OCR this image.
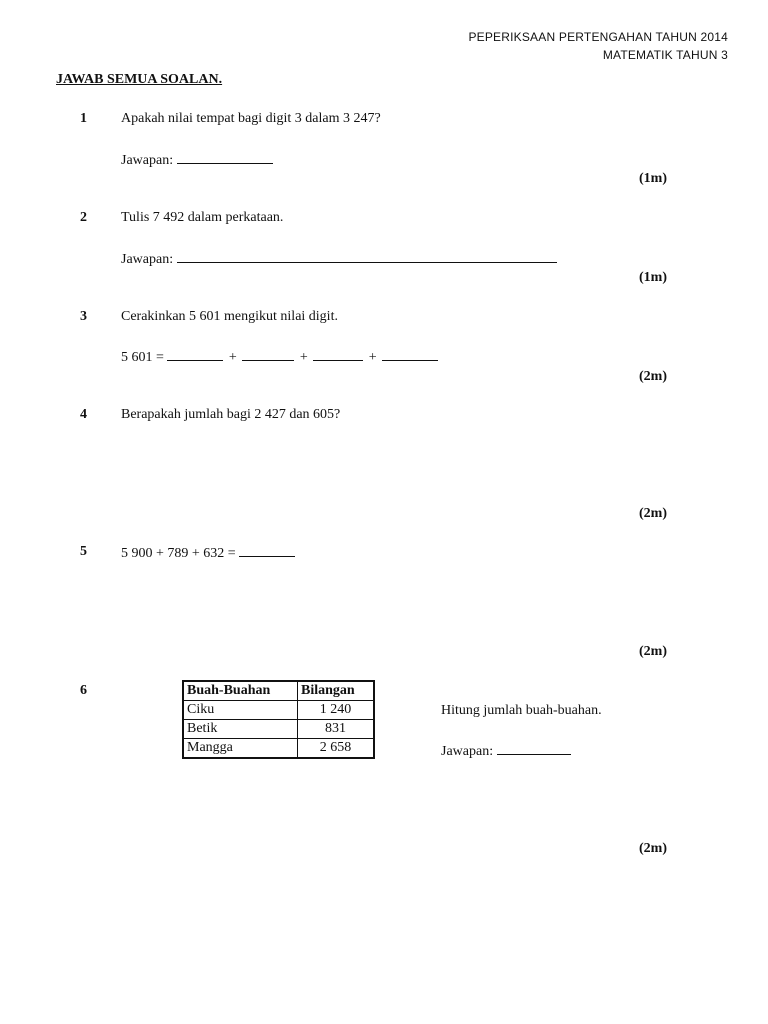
PEPERIKSAAN PERTENGAHAN TAHUN 2014
MATEMATIK TAHUN 3
JAWAB SEMUA SOALAN.
1 Apakah nilai tempat bagi digit 3 dalam 3 247?
Jawapan:
(1m)
2 Tulis 7 492 dalam perkataan.
Jawapan:
(1m)
3 Cerakinkan 5 601 mengikut nilai digit.
5 601 =	+	+	+
(2m)
4 Berapakah jumlah bagi 2 427 dan 605?
(2m)
5 5 900 + 789 + 632 =
(2m)
6	Buah-Buahan	Bilangan
Ciku	1 240
Betik	831
Mangga	2 658
Hitung jumlah buah-buahan.
Jawapan:
(2m)
